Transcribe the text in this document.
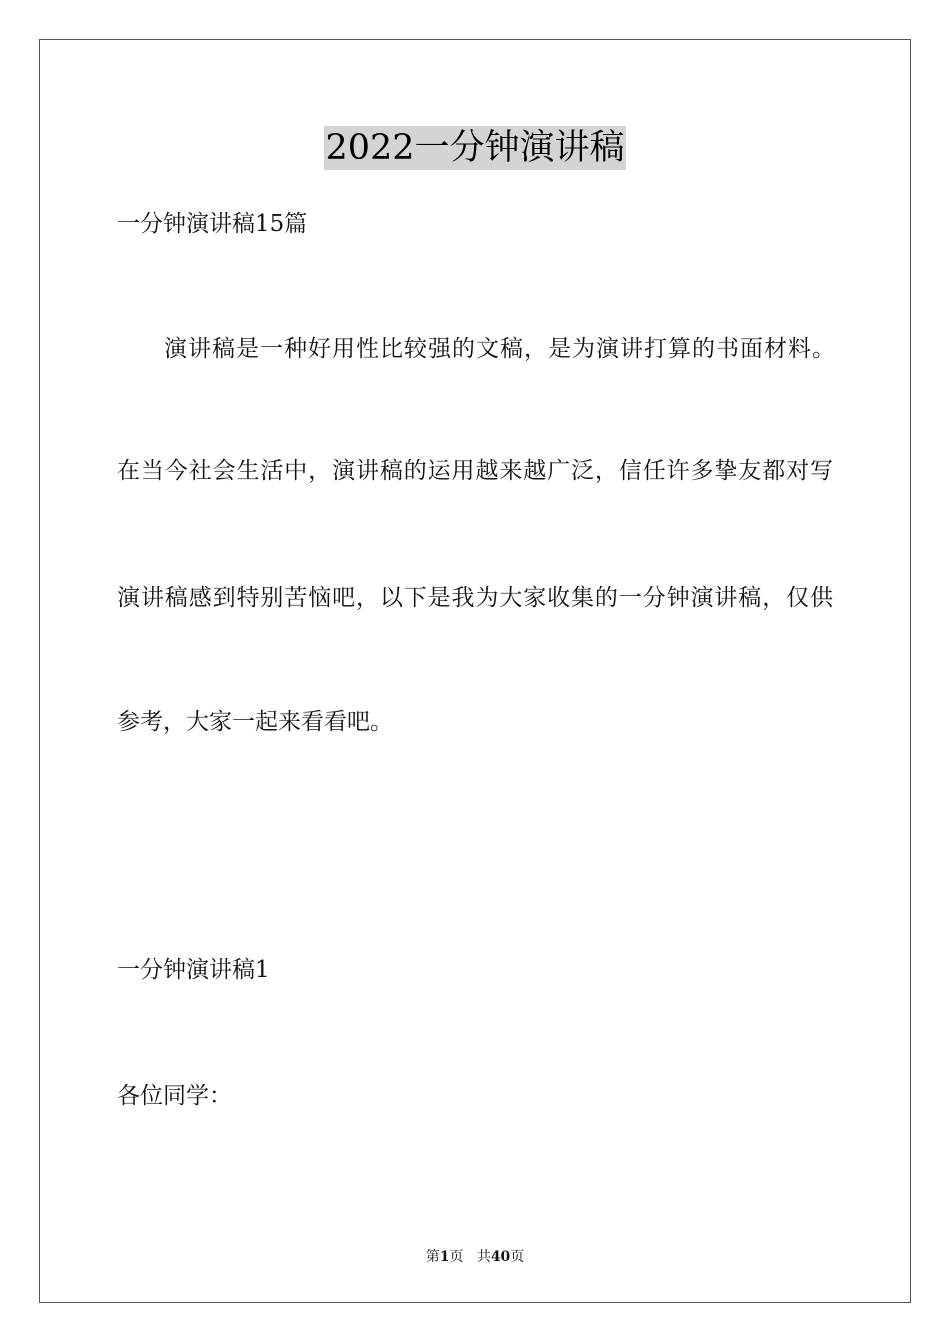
2022一分钟演讲稿
一分钟演讲稿15篇
演讲稿是一种好用性比较强的文稿，是为演讲打算的书面材料。
在当今社会生活中，演讲稿的运用越来越广泛，信任许多挚友都对写
演讲稿感到特别苦恼吧，以下是我为大家收集的一分钟演讲稿，仅供
参考，大家一起来看看吧。
一分钟演讲稿1
各位同学：
第1页 共40页
